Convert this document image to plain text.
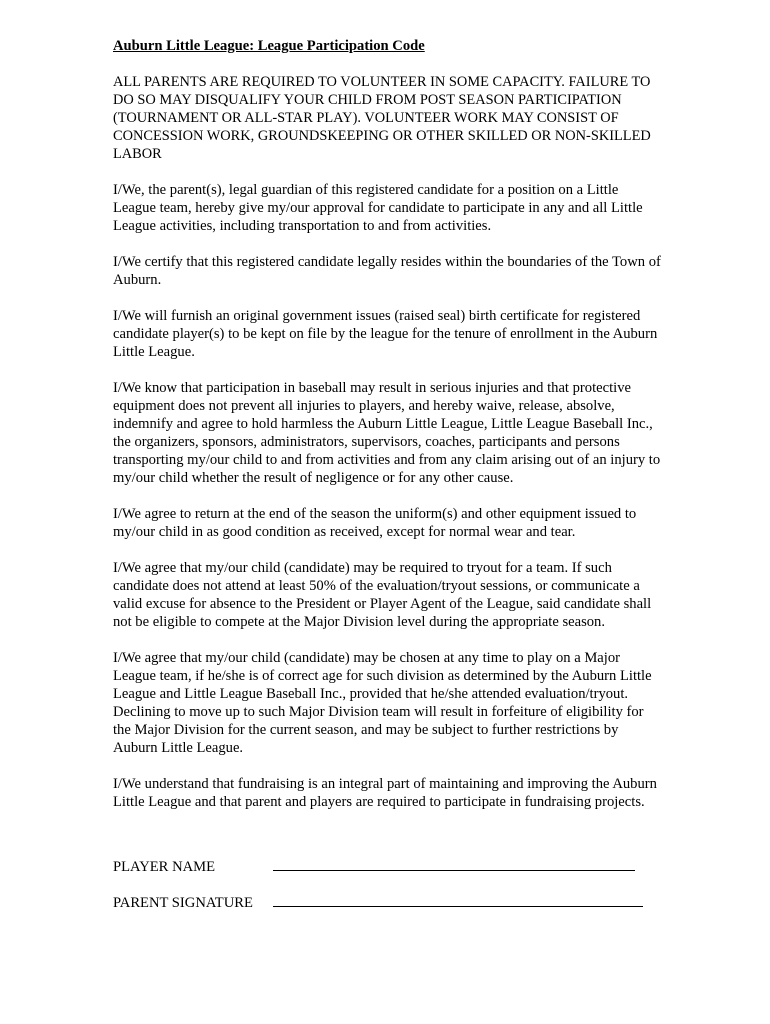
Auburn Little League: League Participation Code
ALL PARENTS ARE REQUIRED TO VOLUNTEER IN SOME CAPACITY. FAILURE TO DO SO MAY DISQUALIFY YOUR CHILD FROM POST SEASON PARTICIPATION (TOURNAMENT OR ALL-STAR PLAY). VOLUNTEER WORK MAY CONSIST OF CONCESSION WORK, GROUNDSKEEPING OR OTHER SKILLED OR NON-SKILLED LABOR
I/We, the parent(s), legal guardian of this registered candidate for a position on a Little League team, hereby give my/our approval for candidate to participate in any and all Little League activities, including transportation to and from activities.
I/We certify that this registered candidate legally resides within the boundaries of the Town of Auburn.
I/We will furnish an original government issues (raised seal) birth certificate for registered candidate player(s) to be kept on file by the league for the tenure of enrollment in the Auburn Little League.
I/We know that participation in baseball may result in serious injuries and that protective equipment does not prevent all injuries to players, and hereby waive, release, absolve, indemnify and agree to hold harmless the Auburn Little League, Little League Baseball Inc., the organizers, sponsors, administrators, supervisors, coaches, participants and persons transporting my/our child to and from activities and from any claim arising out of an injury to my/our child whether the result of negligence or for any other cause.
I/We agree to return at the end of the season the uniform(s) and other equipment issued to my/our child in as good condition as received, except for normal wear and tear.
I/We agree that my/our child (candidate) may be required to tryout for a team. If such candidate does not attend at least 50% of the evaluation/tryout sessions, or communicate a valid excuse for absence to the President or Player Agent of the League, said candidate shall not be eligible to compete at the Major Division level during the appropriate season.
I/We agree that my/our child (candidate) may be chosen at any time to play on a Major League team, if he/she is of correct age for such division as determined by the Auburn Little League and Little League Baseball Inc., provided that he/she attended evaluation/tryout. Declining to move up to such Major Division team will result in forfeiture of eligibility for the Major Division for the current season, and may be subject to further restrictions by Auburn Little League.
I/We understand that fundraising is an integral part of maintaining and improving the Auburn Little League and that parent and players are required to participate in fundraising projects.
PLAYER NAME
PARENT SIGNATURE
